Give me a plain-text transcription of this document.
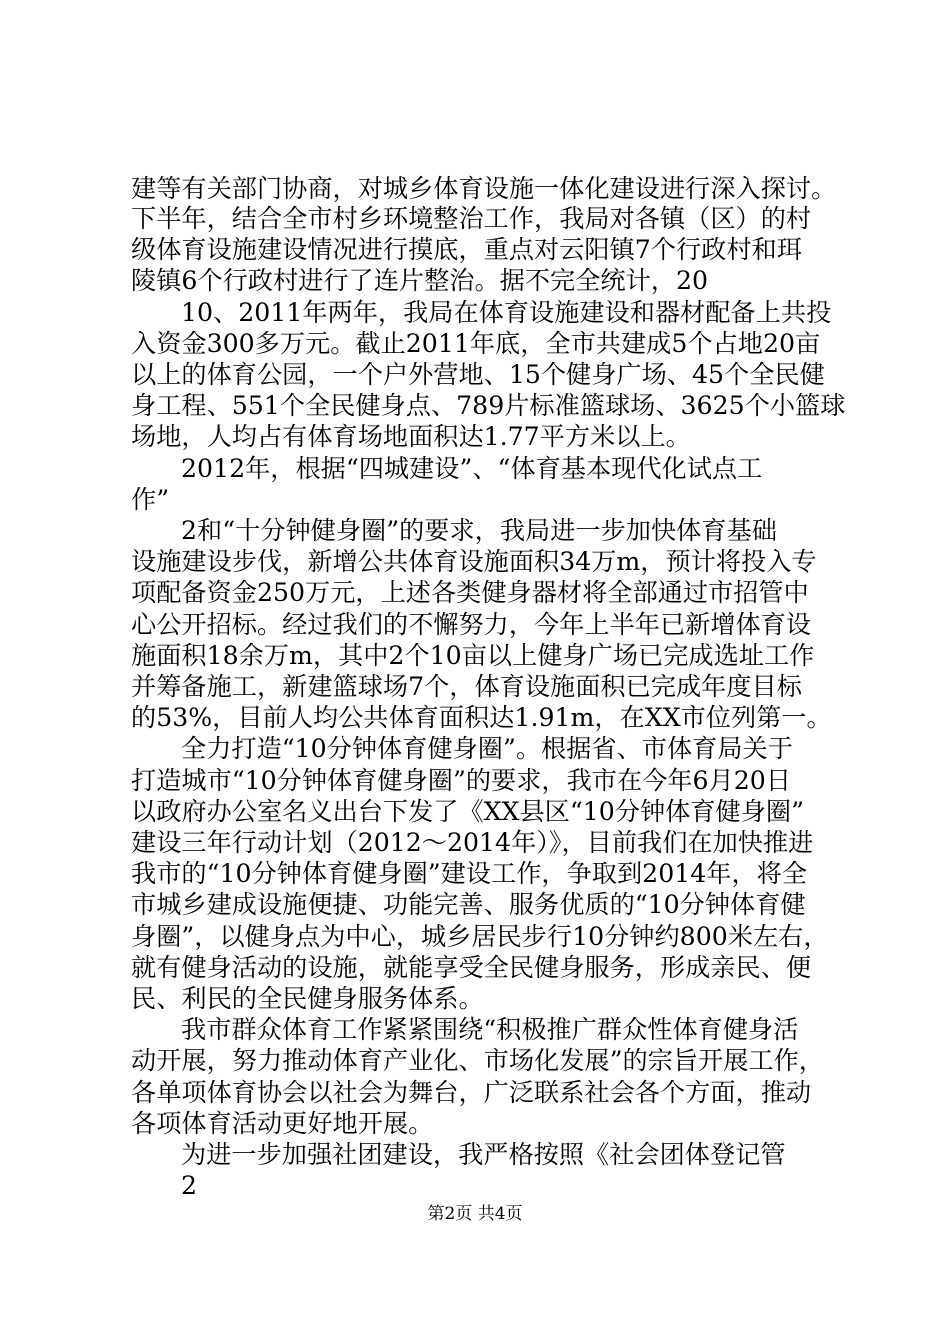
建等有关部门协商，对城乡体育设施一体化建设进行深入探讨。
下半年，结合全市村乡环境整治工作，我局对各镇（区）的村
级体育设施建设情况进行摸底，重点对云阳镇7个行政村和珥
陵镇6个行政村进行了连片整治。据不完全统计，20
10、2011年两年，我局在体育设施建设和器材配备上共投
入资金300多万元。截止2011年底，全市共建成5个占地20亩
以上的体育公园，一个户外营地、15个健身广场、45个全民健
身工程、551个全民健身点、789片标准篮球场、3625个小篮球
场地，人均占有体育场地面积达1.77平方米以上。
2012年，根据“四城建设”、“体育基本现代化试点工
作”
2和“十分钟健身圈”的要求，我局进一步加快体育基础
设施建设步伐，新增公共体育设施面积34万m，预计将投入专
项配备资金250万元，上述各类健身器材将全部通过市招管中
心公开招标。经过我们的不懈努力，今年上半年已新增体育设
施面积18余万m，其中2个10亩以上健身广场已完成选址工作
并筹备施工，新建篮球场7个，体育设施面积已完成年度目标
的53%，目前人均公共体育面积达1.91m，在XX市位列第一。
全力打造“10分钟体育健身圈”。根据省、市体育局关于
打造城市“10分钟体育健身圈”的要求，我市在今年6月20日
以政府办公室名义出台下发了《XX县区“10分钟体育健身圈”
建设三年行动计划（2012～2014年）》，目前我们在加快推进
我市的“10分钟体育健身圈”建设工作，争取到2014年，将全
市城乡建成设施便捷、功能完善、服务优质的“10分钟体育健
身圈”，以健身点为中心，城乡居民步行10分钟约800米左右，
就有健身活动的设施，就能享受全民健身服务，形成亲民、便
民、利民的全民健身服务体系。
我市群众体育工作紧紧围绕“积极推广群众性体育健身活
动开展，努力推动体育产业化、市场化发展”的宗旨开展工作，
各单项体育协会以社会为舞台，广泛联系社会各个方面，推动
各项体育活动更好地开展。
为进一步加强社团建设，我严格按照《社会团体登记管
2
第2页 共4页
